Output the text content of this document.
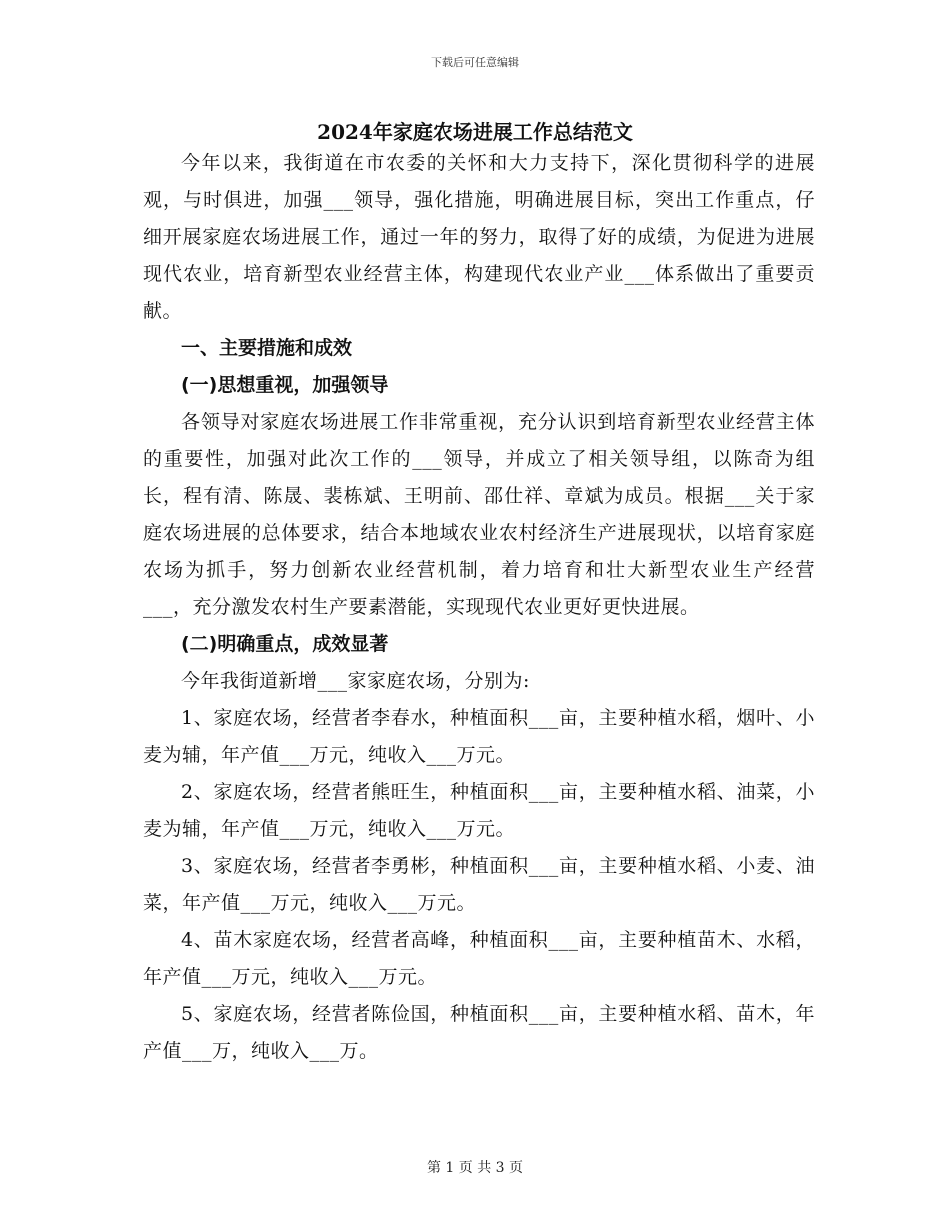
下载后可任意编辑
2024年家庭农场进展工作总结范文

今年以来，我街道在市农委的关怀和大力支持下，深化贯彻科学的进展观，与时俱进，加强___领导，强化措施，明确进展目标，突出工作重点，仔细开展家庭农场进展工作，通过一年的努力，取得了好的成绩，为促进为进展现代农业，培育新型农业经营主体，构建现代农业产业___体系做出了重要贡献。

一、主要措施和成效

(一)思想重视，加强领导

各领导对家庭农场进展工作非常重视，充分认识到培育新型农业经营主体的重要性，加强对此次工作的___领导，并成立了相关领导组，以陈奇为组长，程有清、陈晟、裴栋斌、王明前、邵仕祥、章斌为成员。根据___关于家庭农场进展的总体要求，结合本地域农业农村经济生产进展现状，以培育家庭农场为抓手，努力创新农业经营机制，着力培育和壮大新型农业生产经营___，充分激发农村生产要素潜能，实现现代农业更好更快进展。

(二)明确重点，成效显著

今年我街道新增___家家庭农场，分别为:

1、家庭农场，经营者李春水，种植面积___亩，主要种植水稻，烟叶、小麦为辅，年产值___万元，纯收入___万元。

2、家庭农场，经营者熊旺生，种植面积___亩，主要种植水稻、油菜，小麦为辅，年产值___万元，纯收入___万元。

3、家庭农场，经营者李勇彬，种植面积___亩，主要种植水稻、小麦、油菜，年产值___万元，纯收入___万元。

4、苗木家庭农场，经营者高峰，种植面积___亩，主要种植苗木、水稻，年产值___万元，纯收入___万元。

5、家庭农场，经营者陈俭国，种植面积___亩，主要种植水稻、苗木，年产值___万，纯收入___万。

第 1 页 共 3 页
